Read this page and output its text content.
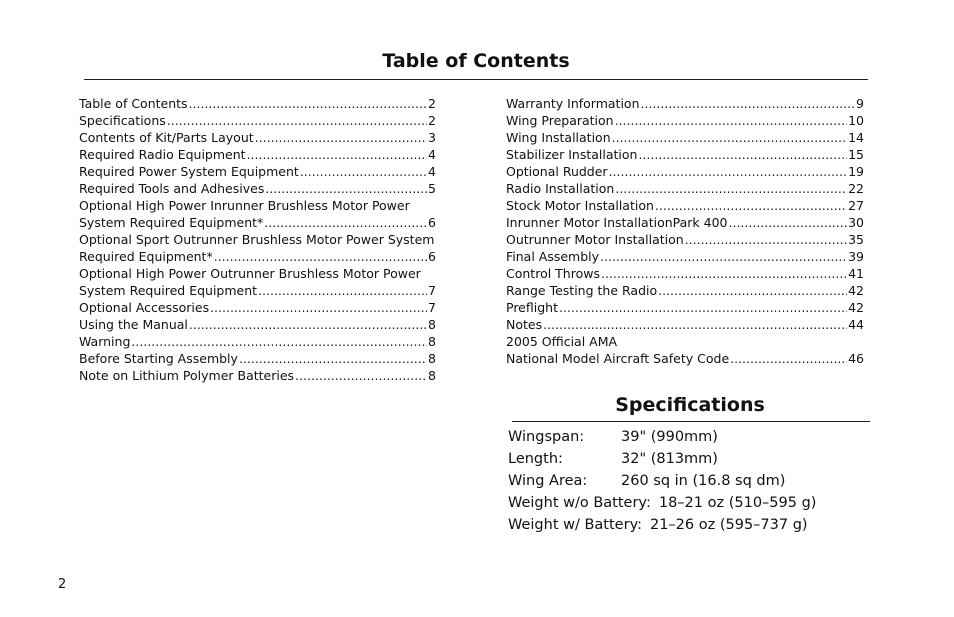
Table of Contents
Table of Contents .....	2
Specifications .....	2
Contents of Kit/Parts Layout .....	3
Required Radio Equipment .....	4
Required Power System Equipment .....	4
Required Tools and Adhesives .....	5
Optional High Power Inrunner Brushless Motor Power
System Required Equipment* .....	6
Optional Sport Outrunner Brushless Motor Power System
Required Equipment* .....	6
Optional High Power Outrunner Brushless Motor Power
System Required Equipment .....	7
Optional Accessories .....	7
Using the Manual .....	8
Warning .....	8
Before Starting Assembly .....	8
Note on Lithium Polymer Batteries .....	8
Warranty Information .....	9
Wing Preparation .....	10
Wing Installation .....	14
Stabilizer Installation .....	15
Optional Rudder .....	19
Radio Installation .....	22
Stock Motor Installation .....	27
Inrunner Motor InstallationPark 400 .....	30
Outrunner Motor Installation .....	35
Final Assembly .....	39
Control Throws .....	41
Range Testing the Radio .....	42
Preflight .....	42
Notes .....	44
2005 Official AMA
National Model Aircraft Safety Code .....	46
Specifications
Wingspan:	39" (990mm)
Length:	32" (813mm)
Wing Area:	260 sq in (16.8 sq dm)
Weight w/o Battery: 18–21 oz (510–595 g)
Weight w/ Battery: 21–26 oz (595–737 g)
2
